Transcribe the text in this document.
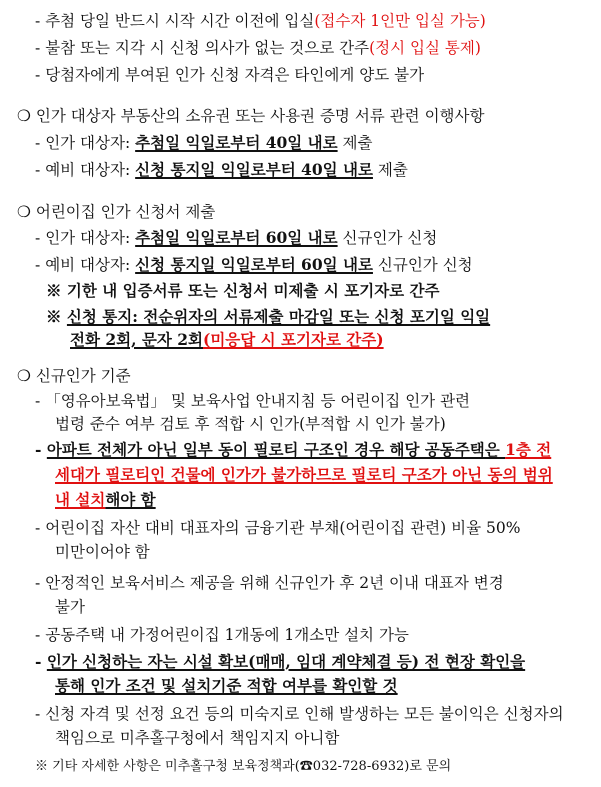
- 추첨 당일 반드시 시작 시간 이전에 입실(접수자 1인만 입실 가능)
- 불참 또는 지각 시 신청 의사가 없는 것으로 간주(정시 입실 통제)
- 당첨자에게 부여된 인가 신청 자격은 타인에게 양도 불가
❍ 인가 대상자 부동산의 소유권 또는 사용권 증명 서류 관련 이행사항
- 인가 대상자: 추첨일 익일로부터 40일 내로 제출
- 예비 대상자: 신청 통지일 익일로부터 40일 내로 제출
❍ 어린이집 인가 신청서 제출
- 인가 대상자: 추첨일 익일로부터 60일 내로 신규인가 신청
- 예비 대상자: 신청 통지일 익일로부터 60일 내로 신규인가 신청
※ 기한 내 입증서류 또는 신청서 미제출 시 포기자로 간주
※ 신청 통지: 전순위자의 서류제출 마감일 또는 신청 포기일 익일
전화 2회, 문자 2회(미응답 시 포기자로 간주)
❍ 신규인가 기준
- 「영유아보육법」 및 보육사업 안내지침 등 어린이집 인가 관련
법령 준수 여부 검토 후 적합 시 인가(부적합 시 인가 불가)
- 아파트 전체가 아닌 일부 동이 필로티 구조인 경우 해당 공동주택은 1층 전
세대가 필로티인 건물에 인가가 불가하므로 필로티 구조가 아닌 동의 범위
내 설치해야 함
- 어린이집 자산 대비 대표자의 금융기관 부채(어린이집 관련) 비율 50%
미만이어야 함
- 안정적인 보육서비스 제공을 위해 신규인가 후 2년 이내 대표자 변경
불가
- 공동주택 내 가정어린이집 1개동에 1개소만 설치 가능
- 인가 신청하는 자는 시설 확보(매매, 임대 계약체결 등) 전 현장 확인을
통해 인가 조건 및 설치기준 적합 여부를 확인할 것
- 신청 자격 및 선정 요건 등의 미숙지로 인해 발생하는 모든 불이익은 신청자의
책임으로 미추홀구청에서 책임지지 아니함
※ 기타 자세한 사항은 미추홀구청 보육정책과(☎032-728-6932)로 문의
